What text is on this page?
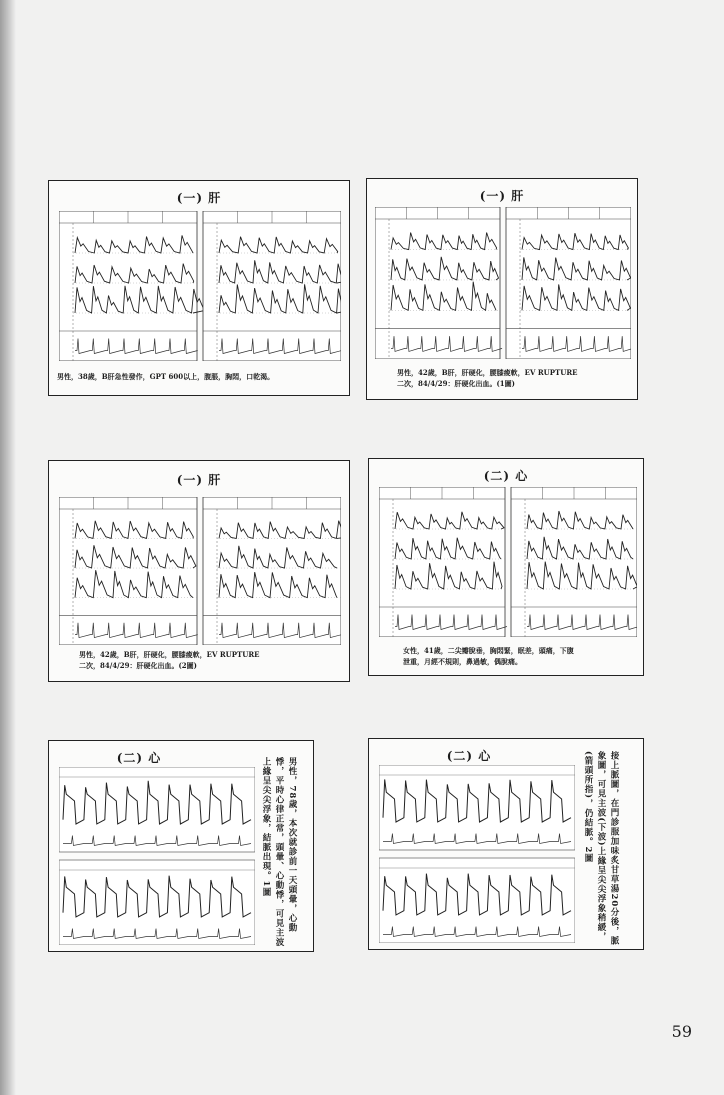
(一) 肝
男性，38歲，B肝急性發作，GPT 600以上，腹脹，胸悶，口乾渴。
(一) 肝
男性，42歲，B肝，肝硬化，腰膝痠軟，EV RUPTURE
二次，84/4/29：肝硬化出血。(1圖)
(一) 肝
男性，42歲，B肝，肝硬化，腰膝痠軟，EV RUPTURE
二次，84/4/29：肝硬化出血。(2圖)
(二) 心
女性，41歲，二尖瓣脫垂，胸悶緊，眠差，頭痛，下腹
泄重，月經不規則，鼻過敏，偶脫痛。
(二) 心	男性，78歲，本次就診前一天頭暈，心動悸，平時心律正常，頭暈、心動悸，可見主波上緣呈尖尖浮象，結脈出現。1圖
(二) 心	接上脈圖，在門診服加味炙甘草湯20分後，脈象圖，可見主波(下波)上緣呈尖尖浮象稍緩，(箭頭所指)，仍結脈。2圖
59
